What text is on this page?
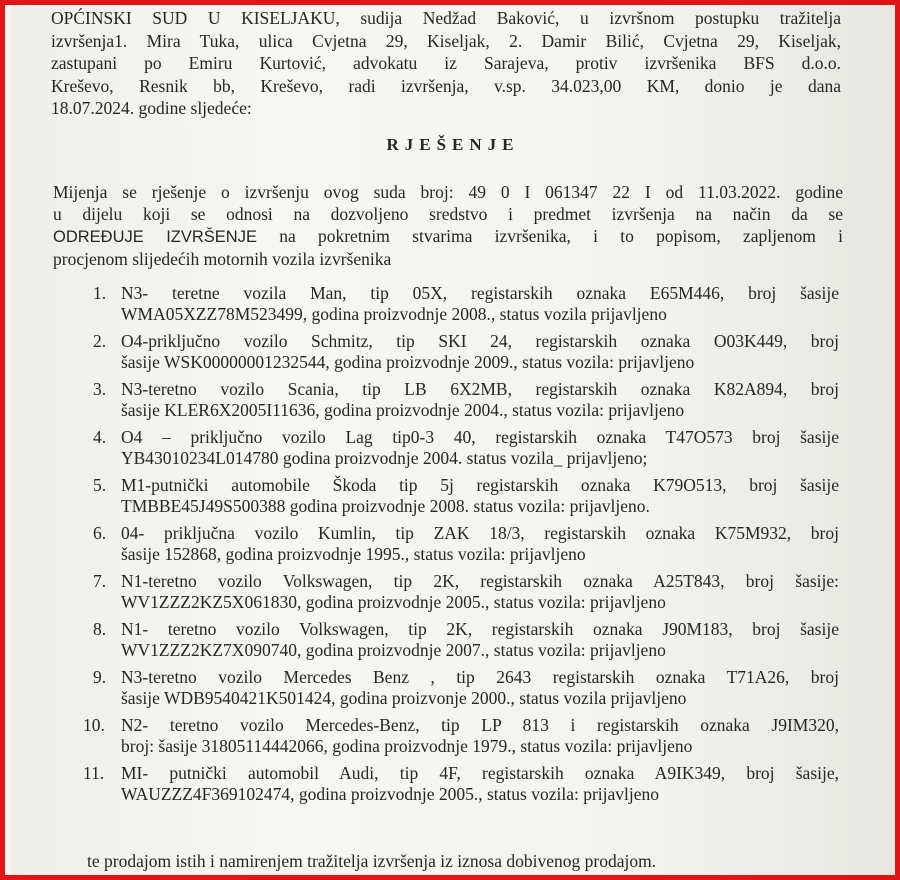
OPĆINSKI SUD U KISELJAKU, sudija Nedžad Baković, u izvršnom postupku tražitelja
izvršenja1. Mira Tuka, ulica Cvjetna 29, Kiseljak, 2. Damir Bilić, Cvjetna 29, Kiseljak,
zastupani po Emiru Kurtović, advokatu iz Sarajeva, protiv izvršenika BFS d.o.o.
Kreševo, Resnik bb, Kreševo, radi izvršenja, v.sp. 34.023,00 KM, donio je dana
18.07.2024. godine sljedeće:
RJEŠENJE
Mijenja se rješenje o izvršenju ovog suda broj: 49 0 I 061347 22 I od 11.03.2022. godine
u dijelu koji se odnosi na dozvoljeno sredstvo i predmet izvršenja na način da se
ODREĐUJE IZVRŠENJE na pokretnim stvarima izvršenika, i to popisom, zapljenom i
procjenom slijedećih motornih vozila izvršenika
1. N3- teretne vozila Man, tip 05X, registarskih oznaka E65M446, broj šasije
WMA05XZZ78M523499, godina proizvodnje 2008., status vozila prijavljeno
2. O4-priključno vozilo Schmitz, tip SKI 24, registarskih oznaka O03K449, broj
šasije WSK00000001232544, godina proizvodnje 2009., status vozila: prijavljeno
3. N3-teretno vozilo Scania, tip LB 6X2MB, registarskih oznaka K82A894, broj
šasije KLER6X2005I11636, godina proizvodnje 2004., status vozila: prijavljeno
4. O4 – priključno vozilo Lag tip0-3 40, registarskih oznaka T47O573 broj šasije
YB43010234L014780 godina proizvodnje 2004. status vozila_ prijavljeno;
5. M1-putnički automobile Škoda tip 5j registarskih oznaka K79O513, broj šasije
TMBBE45J49S500388 godina proizvodnje 2008. status vozila: prijavljeno.
6. 04- priključna vozilo Kumlin, tip ZAK 18/3, registarskih oznaka K75M932, broj
šasije 152868, godina proizvodnje 1995., status vozila: prijavljeno
7. N1-teretno vozilo Volkswagen, tip 2K, registarskih oznaka A25T843, broj šasije:
WV1ZZZ2KZ5X061830, godina proizvodnje 2005., status vozila: prijavljeno
8. N1- teretno vozilo Volkswagen, tip 2K, registarskih oznaka J90M183, broj šasije
WV1ZZZ2KZ7X090740, godina proizvodnje 2007., status vozila: prijavljeno
9. N3-teretno vozilo Mercedes Benz , tip 2643 registarskih oznaka T71A26, broj
šasije WDB9540421K501424, godina proizvonje 2000., status vozila prijavljeno
10. N2- teretno vozilo Mercedes-Benz, tip LP 813 i registarskih oznaka J9IM320,
broj: šasije 31805114442066, godina proizvodnje 1979., status vozila: prijavljeno
11. MI- putnički automobil Audi, tip 4F, registarskih oznaka A9IK349, broj šasije,
WAUZZZ4F369102474, godina proizvodnje 2005., status vozila: prijavljeno
te prodajom istih i namirenjem tražitelja izvršenja iz iznosa dobivenog prodajom.
